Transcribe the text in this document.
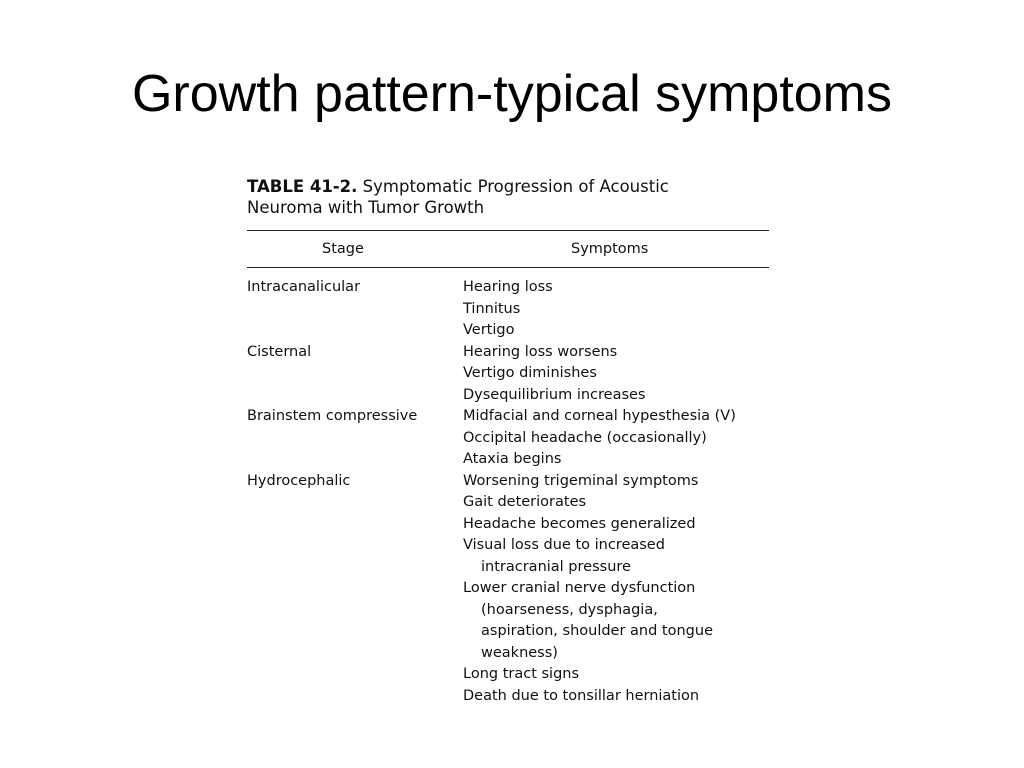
Growth pattern-typical symptoms

TABLE 41-2. Symptomatic Progression of Acoustic
Neuroma with Tumor Growth

Stage	Symptoms
Intracanalicular	Hearing loss
Tinnitus
Vertigo
Cisternal	Hearing loss worsens
Vertigo diminishes
Dysequilibrium increases
Brainstem compressive	Midfacial and corneal hypesthesia (V)
Occipital headache (occasionally)
Ataxia begins
Hydrocephalic	Worsening trigeminal symptoms
Gait deteriorates
Headache becomes generalized
Visual loss due to increased
intracranial pressure
Lower cranial nerve dysfunction
(hoarseness, dysphagia,
aspiration, shoulder and tongue
weakness)
Long tract signs
Death due to tonsillar herniation
